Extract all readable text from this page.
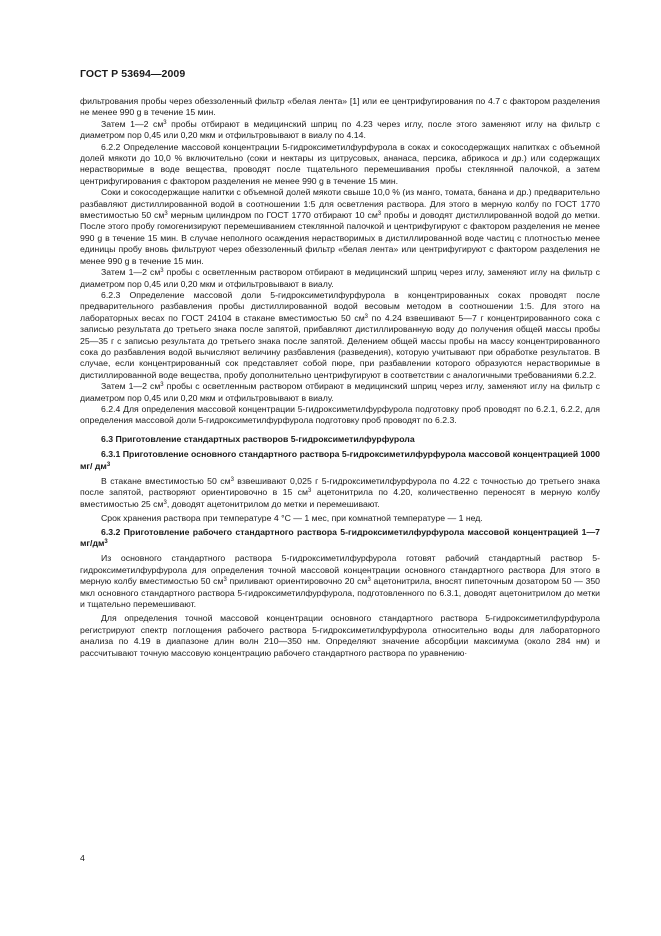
ГОСТ Р 53694—2009

фильтрования пробы через обеззоленный фильтр «белая лента» [1] или ее центрифугирования по 4.7 с фактором разделения не менее 990 g в течение 15 мин.

Затем 1—2 $см^3$ пробы отбирают в медицинский шприц по 4.23 через иглу, после этого заменяют иглу на фильтр с диаметром пор 0,45 или 0,20 мкм и отфильтровывают в виалу по 4.14.

6.2.2 Определение массовой концентрации 5-гидроксиметилфурфурола в соках и сокосодержащих напитках с объемной долей мякоти до 10,0 % включительно (соки и нектары из цитрусовых, ананаса, персика, абрикоса и др.) или содержащих нерастворимые в воде вещества, проводят после тщательного перемешивания пробы стеклянной палочкой, а затем центрифугирования с фактором разделения не менее 990 g в течение 15 мин.

Соки и сокосодержащие напитки с объемной долей мякоти свыше 10,0 % (из манго, томата, банана и др.) предварительно разбавляют дистиллированной водой в соотношении 1:5 для осветления раствора. Для этого в мерную колбу по ГОСТ 1770 вместимостью 50 $см^3$ мерным цилиндром по ГОСТ 1770 отбирают 10 $см^3$ пробы и доводят дистиллированной водой до метки. После этого пробу гомогенизируют перемешиванием стеклянной палочкой и центрифугируют с фактором разделения не менее 990 g в течение 15 мин. В случае неполного осаждения нерастворимых в дистиллированной воде частиц с плотностью менее единицы пробу вновь фильтруют через обеззоленный фильтр «белая лента» или центрифугируют с фактором разделения не менее 990 g в течение 15 мин.

Затем 1—2 $см^3$ пробы с осветленным раствором отбирают в медицинский шприц через иглу, заменяют иглу на фильтр с диаметром пор 0,45 или 0,20 мкм и отфильтровывают в виалу.

6.2.3 Определение массовой доли 5-гидроксиметилфурфурола в концентрированных соках проводят после предварительного разбавления пробы дистиллированной водой весовым методом в соотношении 1:5. Для этого на лабораторных весах по ГОСТ 24104 в стакане вместимостью 50 $см^3$ по 4.24 взвешивают 5—7 г концентрированного сока с записью результата до третьего знака после запятой, прибавляют дистиллированную воду до получения общей массы пробы 25—35 г с записью результата до третьего знака после запятой. Делением общей массы пробы на массу концентрированного сока до разбавления водой вычисляют величину разбавления (разведения), которую учитывают при обработке результатов. В случае, если концентрированный сок представляет собой пюре, при разбавлении которого образуются нерастворимые в дистиллированной воде вещества, пробу дополнительно центрифугируют в соответствии с аналогичными требованиями 6.2.2.

Затем 1—2 $см^3$ пробы с осветленным раствором отбирают в медицинский шприц через иглу, заменяют иглу на фильтр с диаметром пор 0,45 или 0,20 мкм и отфильтровывают в виалу.

6.2.4 Для определения массовой концентрации 5-гидроксиметилфурфурола подготовку проб проводят по 6.2.1, 6.2.2, для определения массовой доли 5-гидроксиметилфурфурола подготовку проб проводят по 6.2.3.

6.3 Приготовление стандартных растворов 5-гидроксиметилфурфурола

6.3.1 Приготовление основного стандартного раствора 5-гидроксиметилфурфурола массовой концентрацией 1000 мг/ $дм^3$

В стакане вместимостью 50 $см^3$ взвешивают 0,025 г 5-гидроксиметилфурфурола по 4.22 с точностью до третьего знака после запятой, растворяют ориентировочно в 15 $см^3$ ацетонитрила по 4.20, количественно переносят в мерную колбу вместимостью 25 $см^3$, доводят ацетонитрилом до метки и перемешивают.

Срок хранения раствора при температуре 4 °С — 1 мес, при комнатной температуре — 1 нед.

6.3.2 Приготовление рабочего стандартного раствора 5-гидроксиметилфурфурола массовой концентрацией 1—7 $мг/дм^3$

Из основного стандартного раствора 5-гидроксиметилфурфурола готовят рабочий стандартный раствор 5-гидроксиметилфурфурола для определения точной массовой концентрации основного стандартного раствора Для этого в мерную колбу вместимостью 50 $см^3$ приливают ориентировочно 20 $см^3$ ацетонитрила, вносят пипеточным дозатором 50 — 350 мкл основного стандартного раствора 5-гидроксиметилфурфурола, подготовленного по 6.3.1, доводят ацетонитрилом до метки и тщательно перемешивают.

Для определения точной массовой концентрации основного стандартного раствора 5-гидроксиметилфурфурола регистрируют спектр поглощения рабочего раствора 5-гидроксиметилфурфурола относительно воды для лабораторного анализа по 4.19 в диапазоне длин волн 210—350 нм. Определяют значение абсорбции максимума (около 284 нм) и рассчитывают точную массовую концентрацию рабочего стандартного раствора по уравнению·

4
